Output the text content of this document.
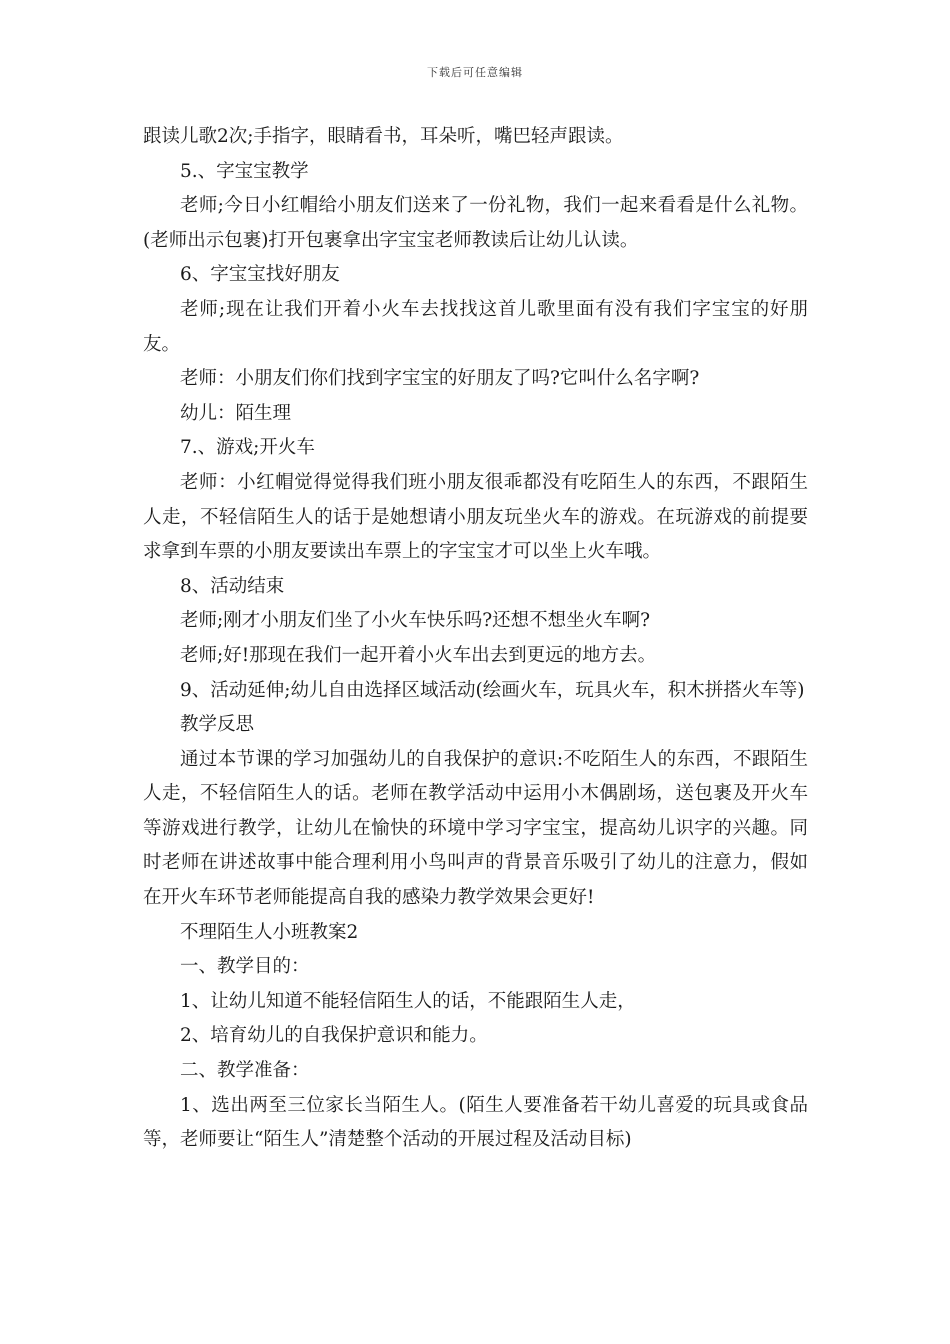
下载后可任意编辑

跟读儿歌2次;手指字，眼睛看书，耳朵听，嘴巴轻声跟读。

5.、字宝宝教学

老师;今日小红帽给小朋友们送来了一份礼物，我们一起来看看是什么礼物。(老师出示包裹)打开包裹拿出字宝宝老师教读后让幼儿认读。

6、字宝宝找好朋友

老师;现在让我们开着小火车去找找这首儿歌里面有没有我们字宝宝的好朋友。

老师：小朋友们你们找到字宝宝的好朋友了吗?它叫什么名字啊?

幼儿：陌生理

7.、游戏;开火车

老师：小红帽觉得觉得我们班小朋友很乖都没有吃陌生人的东西，不跟陌生人走，不轻信陌生人的话于是她想请小朋友玩坐火车的游戏。在玩游戏的前提要求拿到车票的小朋友要读出车票上的字宝宝才可以坐上火车哦。

8、活动结束

老师;刚才小朋友们坐了小火车快乐吗?还想不想坐火车啊?

老师;好!那现在我们一起开着小火车出去到更远的地方去。

9、活动延伸;幼儿自由选择区域活动(绘画火车，玩具火车，积木拼搭火车等)

教学反思

通过本节课的学习加强幼儿的自我保护的意识:不吃陌生人的东西，不跟陌生人走，不轻信陌生人的话。老师在教学活动中运用小木偶剧场，送包裹及开火车等游戏进行教学，让幼儿在愉快的环境中学习字宝宝，提高幼儿识字的兴趣。同时老师在讲述故事中能合理利用小鸟叫声的背景音乐吸引了幼儿的注意力，假如在开火车环节老师能提高自我的感染力教学效果会更好!

不理陌生人小班教案2

一、教学目的：

1、让幼儿知道不能轻信陌生人的话，不能跟陌生人走，

2、培育幼儿的自我保护意识和能力。

二、教学准备：

1、选出两至三位家长当陌生人。(陌生人要准备若干幼儿喜爱的玩具或食品等，老师要让“陌生人”清楚整个活动的开展过程及活动目标)
